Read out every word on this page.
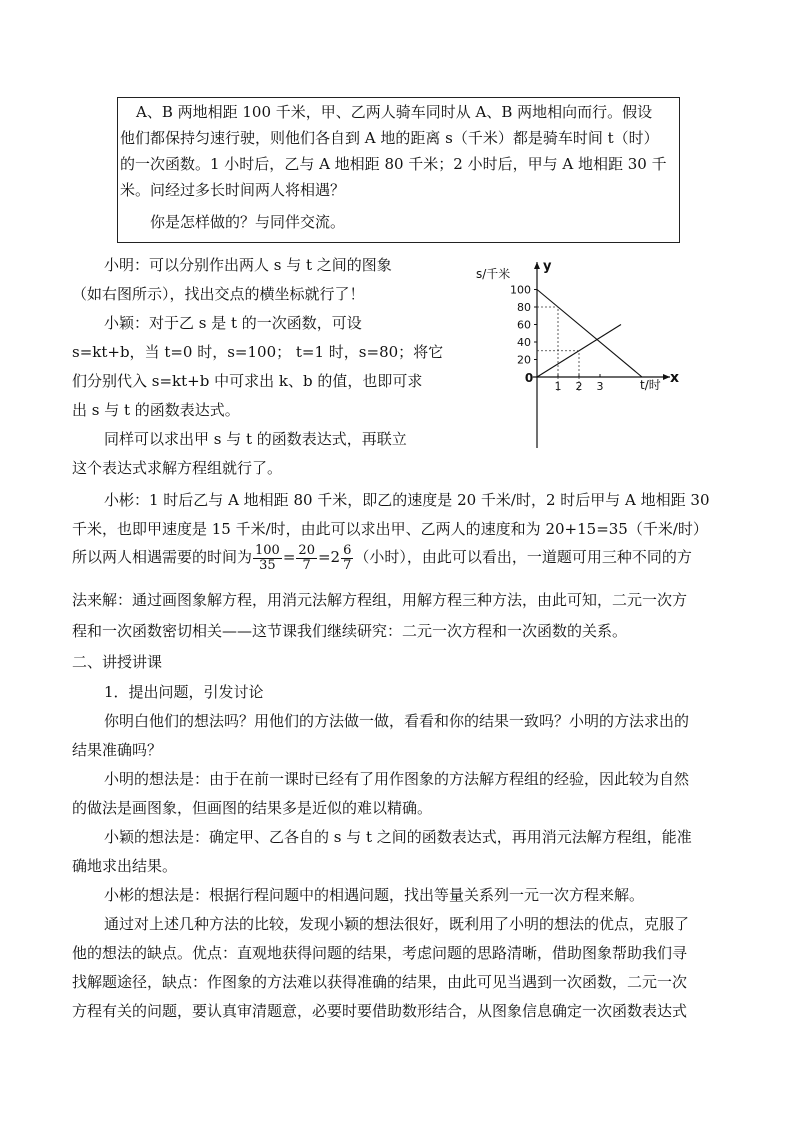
A、B 两地相距 100 千米，甲、乙两人骑车同时从 A、B 两地相向而行。假设
他们都保持匀速行驶，则他们各自到 A 地的距离 s（千米）都是骑车时间 t（时）
的一次函数。1 小时后，乙与 A 地相距 80 千米；2 小时后，甲与 A 地相距 30 千
米。问经过多长时间两人将相遇？
你是怎样做的？与同伴交流。
小明：可以分别作出两人 s 与 t 之间的图象
（如右图所示），找出交点的横坐标就行了！
小颖：对于乙 s 是 t 的一次函数，可设
s=kt+b，当 t=0 时，s=100； t=1 时，s=80；将它
们分别代入 s=kt+b 中可求出 k、b 的值，也即可求
出 s 与 t 的函数表达式。
同样可以求出甲 s 与 t 的函数表达式，再联立
这个表达式求解方程组就行了。
100
80
60
40
20
1 2 3
0
s/千米	y
t/时 x
小彬：1 时后乙与 A 地相距 80 千米，即乙的速度是 20 千米/时，2 时后甲与 A 地相距 30
千米，也即甲速度是 15 千米/时，由此可以求出甲、乙两人的速度和为 20+15=35（千米/时）
所以两人相遇需要的时间为 $\frac{100}{35} = \frac{20}{7} =2 \frac{6}{7}$ （小时），由此可以看出，一道题可用三种不同的方
法来解：通过画图象解方程，用消元法解方程组，用解方程三种方法，由此可知，二元一次方
程和一次函数密切相关——这节课我们继续研究：二元一次方程和一次函数的关系。
二、讲授讲课
1．提出问题，引发讨论
你明白他们的想法吗？用他们的方法做一做，看看和你的结果一致吗？小明的方法求出的
结果准确吗？
小明的想法是：由于在前一课时已经有了用作图象的方法解方程组的经验，因此较为自然
的做法是画图象，但画图的结果多是近似的难以精确。
小颖的想法是：确定甲、乙各自的 s 与 t 之间的函数表达式，再用消元法解方程组，能准
确地求出结果。
小彬的想法是：根据行程问题中的相遇问题，找出等量关系列一元一次方程来解。
通过对上述几种方法的比较，发现小颖的想法很好，既利用了小明的想法的优点，克服了
他的想法的缺点。优点：直观地获得问题的结果，考虑问题的思路清晰，借助图象帮助我们寻
找解题途径，缺点：作图象的方法难以获得准确的结果，由此可见当遇到一次函数，二元一次
方程有关的问题，要认真审清题意，必要时要借助数形结合，从图象信息确定一次函数表达式
